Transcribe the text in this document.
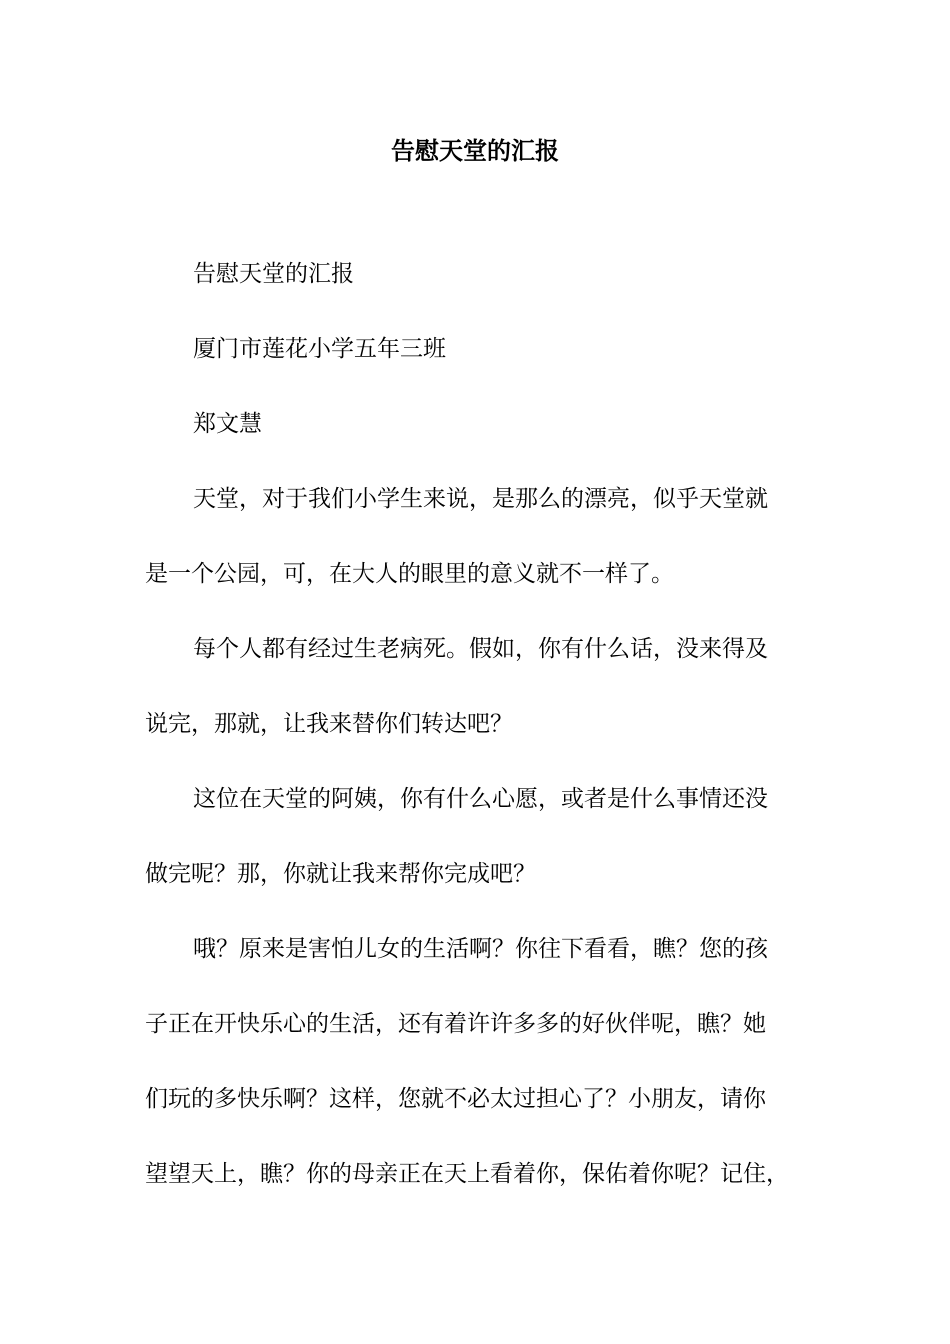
告慰天堂的汇报
告慰天堂的汇报
厦门市莲花小学五年三班
郑文慧
天堂，对于我们小学生来说，是那么的漂亮，似乎天堂就
是一个公园，可，在大人的眼里的意义就不一样了。
每个人都有经过生老病死。假如，你有什么话，没来得及
说完，那就，让我来替你们转达吧？
这位在天堂的阿姨，你有什么心愿，或者是什么事情还没
做完呢？那，你就让我来帮你完成吧？
哦？原来是害怕儿女的生活啊？你往下看看，瞧？您的孩
子正在开快乐心的生活，还有着许许多多的好伙伴呢，瞧？她
们玩的多快乐啊？这样，您就不必太过担心了？小朋友，请你
望望天上，瞧？你的母亲正在天上看着你，保佑着你呢？记住，
